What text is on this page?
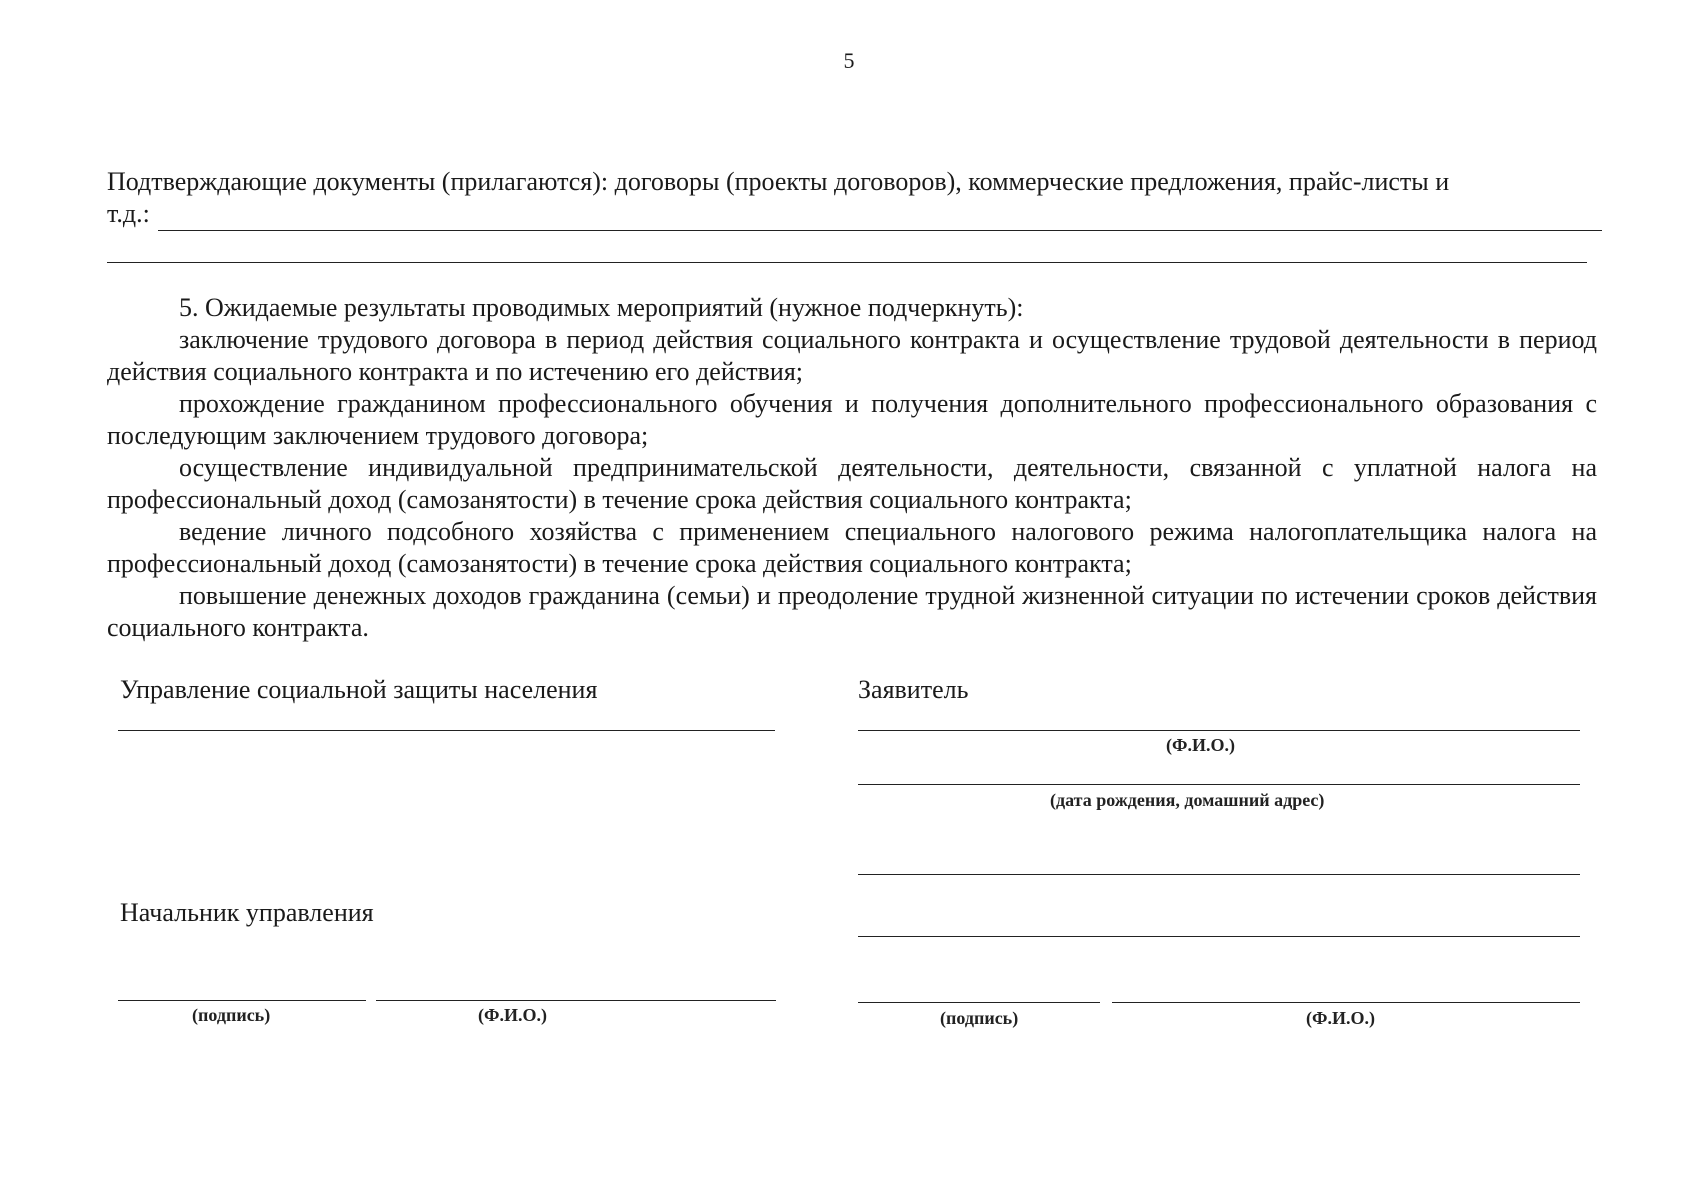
5
Подтверждающие документы (прилагаются): договоры (проекты договоров), коммерческие предложения, прайс-листы и
т.д.:

5. Ожидаемые результаты проводимых мероприятий (нужное подчеркнуть):

заключение трудового договора в период действия социального контракта и осуществление трудовой деятельности в период действия социального контракта и по истечению его действия;

прохождение гражданином профессионального обучения и получения дополнительного профессионального образования с последующим заключением трудового договора;

осуществление индивидуальной предпринимательской деятельности, деятельности, связанной с уплатной налога на профессиональный доход (самозанятости) в течение срока действия социального контракта;

ведение личного подсобного хозяйства с применением специального налогового режима налогоплательщика налога на профессиональный доход (самозанятости) в течение срока действия социального контракта;

повышение денежных доходов гражданина (семьи) и преодоление трудной жизненной ситуации по истечении сроков действия социального контракта.

Управление социальной защиты населения
Начальник управления
(подпись)	(Ф.И.О.)
Заявитель
(Ф.И.О.)
(дата рождения, домашний адрес)
(подпись)	(Ф.И.О.)
